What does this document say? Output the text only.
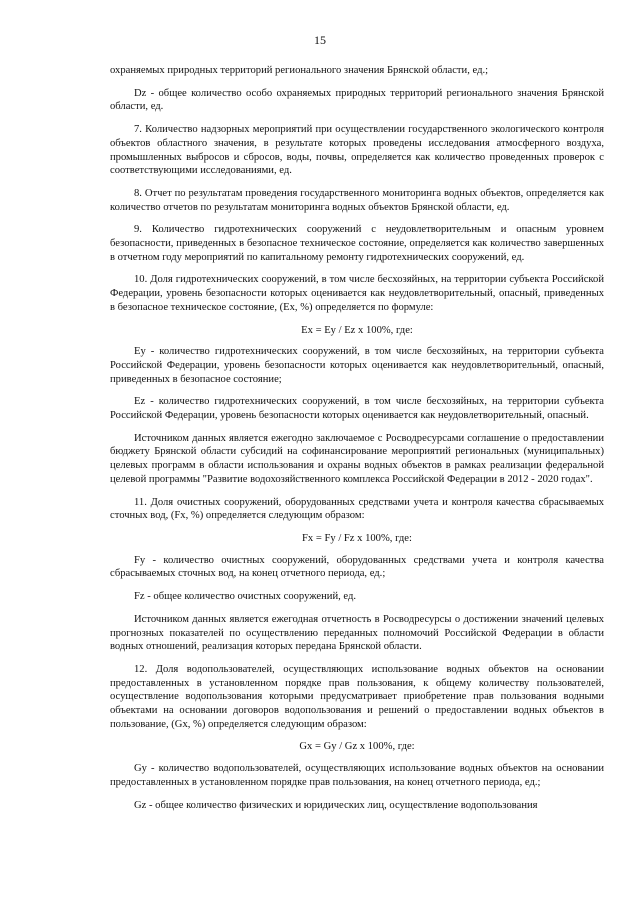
15

охраняемых природных территорий регионального значения Брянской области, ед.;

Dz - общее количество особо охраняемых природных территорий регионального значения Брянской области, ед.

7. Количество надзорных мероприятий при осуществлении государственного экологического контроля объектов областного значения, в результате которых проведены исследования атмосферного воздуха, промышленных выбросов и сбросов, воды, почвы, определяется как количество проведенных проверок с соответствующими исследованиями, ед.

8. Отчет по результатам проведения государственного мониторинга водных объектов, определяется как количество отчетов по результатам мониторинга водных объектов Брянской области, ед.

9. Количество гидротехнических сооружений с неудовлетворительным и опасным уровнем безопасности, приведенных в безопасное техническое состояние, определяется как количество завершенных в отчетном году мероприятий по капитальному ремонту гидротехнических сооружений, ед.

10. Доля гидротехнических сооружений, в том числе бесхозяйных, на территории субъекта Российской Федерации, уровень безопасности которых оценивается как неудовлетворительный, опасный, приведенных в безопасное техническое состояние, (Ex, %) определяется по формуле:

Ex = Ey / Ez x 100%, где:

Ey - количество гидротехнических сооружений, в том числе бесхозяйных, на территории субъекта Российской Федерации, уровень безопасности которых оценивается как неудовлетворительный, опасный, приведенных в безопасное состояние;

Ez - количество гидротехнических сооружений, в том числе бесхозяйных, на территории субъекта Российской Федерации, уровень безопасности которых оценивается как неудовлетворительный, опасный.

Источником данных является ежегодно заключаемое с Росводресурсами соглашение о предоставлении бюджету Брянской области субсидий на софинансирование мероприятий региональных (муниципальных) целевых программ в области использования и охраны водных объектов в рамках реализации федеральной целевой программы "Развитие водохозяйственного комплекса Российской Федерации в 2012 - 2020 годах".

11. Доля очистных сооружений, оборудованных средствами учета и контроля качества сбрасываемых сточных вод, (Fx, %) определяется следующим образом:

Fx = Fy / Fz x 100%, где:

Fy - количество очистных сооружений, оборудованных средствами учета и контроля качества сбрасываемых сточных вод, на конец отчетного периода, ед.;

Fz - общее количество очистных сооружений, ед.

Источником данных является ежегодная отчетность в Росводресурсы о достижении значений целевых прогнозных показателей по осуществлению переданных полномочий Российской Федерации в области водных отношений, реализация которых передана Брянской области.

12. Доля водопользователей, осуществляющих использование водных объектов на основании предоставленных в установленном порядке прав пользования, к общему количеству пользователей, осуществление водопользования которыми предусматривает приобретение прав пользования водными объектами на основании договоров водопользования и решений о предоставлении водных объектов в пользование, (Gx, %) определяется следующим образом:

Gx = Gy / Gz x 100%, где:

Gy - количество водопользователей, осуществляющих использование водных объектов на основании предоставленных в установленном порядке прав пользования, на конец отчетного периода, ед.;

Gz - общее количество физических и юридических лиц, осуществление водопользования
